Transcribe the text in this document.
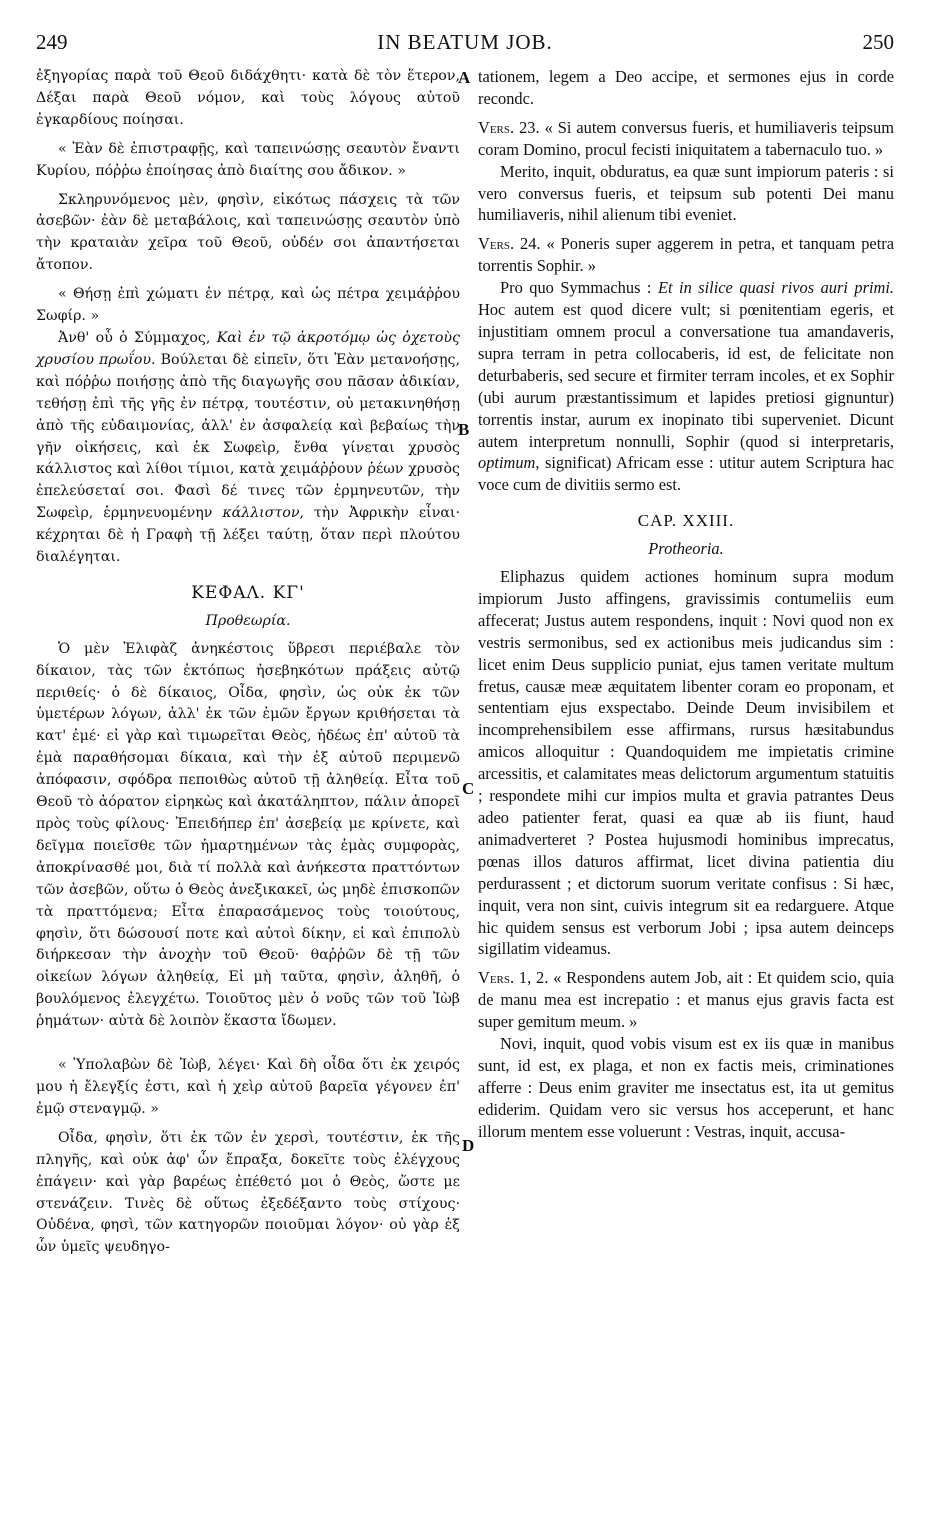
249	IN BEATUM JOB.	250
A
B
C
D

ἐξηγορίας παρὰ τοῦ Θεοῦ διδάχθητι· κατὰ δὲ τὸν ἕτερον, Δέξαι παρὰ Θεοῦ νόμον, καὶ τοὺς λόγους αὐτοῦ ἐγκαρδίους ποίησαι.

« Ἐὰν δὲ ἐπιστραφῇς, καὶ ταπεινώσῃς σεαυτὸν ἔναντι Κυρίου, πόῤῥω ἐποίησας ἀπὸ διαίτης σου ἄδικον. »

Σκληρυνόμενος μὲν, φησὶν, εἰκότως πάσχεις τὰ τῶν ἀσεβῶν· ἐὰν δὲ μεταβάλοις, καὶ ταπεινώσῃς σεαυτὸν ὑπὸ τὴν κραταιὰν χεῖρα τοῦ Θεοῦ, οὐδέν σοι ἀπαντήσεται ἄτοπον.

« Θήσῃ ἐπὶ χώματι ἐν πέτρᾳ, καὶ ὡς πέτρα χειμάῤῥου Σωφίρ. »

Ἀνθ' οὗ ὁ Σύμμαχος, Καὶ ἐν τῷ ἀκροτόμῳ ὡς ὀχετοὺς χρυσίου πρωΐου. Βούλεται δὲ εἰπεῖν, ὅτι Ἐὰν μετανοήσῃς, καὶ πόῤῥω ποιήσῃς ἀπὸ τῆς διαγωγῆς σου πᾶσαν ἀδικίαν, τεθήσῃ ἐπὶ τῆς γῆς ἐν πέτρᾳ, τουτέστιν, οὐ μετακινηθήσῃ ἀπὸ τῆς εὐδαιμονίας, ἀλλ' ἐν ἀσφαλείᾳ καὶ βεβαίως τὴν γῆν οἰκήσεις, καὶ ἐκ Σωφεὶρ, ἔνθα γίνεται χρυσὸς κάλλιστος καὶ λίθοι τίμιοι, κατὰ χειμάῤῥουν ῥέων χρυσὸς ἐπελεύσεταί σοι. Φασὶ δέ τινες τῶν ἑρμηνευτῶν, τὴν Σωφεὶρ, ἑρμηνευομένην κάλλιστον, τὴν Ἀφρικὴν εἶναι· κέχρηται δὲ ἡ Γραφὴ τῇ λέξει ταύτῃ, ὅταν περὶ πλούτου διαλέγηται.

ΚΕΦΑΛ. ΚΓ'
Προθεωρία.

Ὁ μὲν Ἐλιφὰζ ἀνηκέστοις ὕβρεσι περιέβαλε τὸν δίκαιον, τὰς τῶν ἐκτόπως ἠσεβηκότων πράξεις αὐτῷ περιθείς· ὁ δὲ δίκαιος, Οἶδα, φησὶν, ὡς οὐκ ἐκ τῶν ὑμετέρων λόγων, ἀλλ' ἐκ τῶν ἐμῶν ἔργων κριθήσεται τὰ κατ' ἐμέ· εἰ γὰρ καὶ τιμωρεῖται Θεὸς, ἡδέως ἐπ' αὐτοῦ τὰ ἐμὰ παραθήσομαι δίκαια, καὶ τὴν ἐξ αὐτοῦ περιμενῶ ἀπόφασιν, σφόδρα πεποιθὼς αὐτοῦ τῇ ἀληθείᾳ. Εἶτα τοῦ Θεοῦ τὸ ἀόρατον εἰρηκὼς καὶ ἀκατάληπτον, πάλιν ἀπορεῖ πρὸς τοὺς φίλους· Ἐπειδήπερ ἐπ' ἀσεβείᾳ με κρίνετε, καὶ δεῖγμα ποιεῖσθε τῶν ἡμαρτημένων τὰς ἐμὰς συμφορὰς, ἀποκρίνασθέ μοι, διὰ τί πολλὰ καὶ ἀνήκεστα πραττόντων τῶν ἀσεβῶν, οὕτω ὁ Θεὸς ἀνεξικακεῖ, ὡς μηδὲ ἐπισκοπῶν τὰ πραττόμενα; Εἶτα ἐπαρασάμενος τοὺς τοιούτους, φησὶν, ὅτι δώσουσί ποτε καὶ αὐτοὶ δίκην, εἰ καὶ ἐπιπολὺ διήρκεσαν τὴν ἀνοχὴν τοῦ Θεοῦ· θαῤῥῶν δὲ τῇ τῶν οἰκείων λόγων ἀληθείᾳ, Εἰ μὴ ταῦτα, φησὶν, ἀληθῆ, ὁ βουλόμενος ἐλεγχέτω. Τοιοῦτος μὲν ὁ νοῦς τῶν τοῦ Ἰὼβ ῥημάτων· αὐτὰ δὲ λοιπὸν ἕκαστα ἴδωμεν.

« Ὑπολαβὼν δὲ Ἰὼβ, λέγει· Καὶ δὴ οἶδα ὅτι ἐκ χειρός μου ἡ ἔλεγξίς ἐστι, καὶ ἡ χεὶρ αὐτοῦ βαρεῖα γέγονεν ἐπ' ἐμῷ στεναγμῷ. »

Οἶδα, φησὶν, ὅτι ἐκ τῶν ἐν χερσὶ, τουτέστιν, ἐκ τῆς πληγῆς, καὶ οὐκ ἀφ' ὧν ἔπραξα, δοκεῖτε τοὺς ἐλέγχους ἐπάγειν· καὶ γὰρ βαρέως ἐπέθετό μοι ὁ Θεὸς, ὥστε με στενάζειν. Τινὲς δὲ οὕτως ἐξεδέξαντο τοὺς στίχους· Οὐδένα, φησὶ, τῶν κατηγορῶν ποιοῦμαι λόγον· οὐ γὰρ ἐξ ὧν ὑμεῖς ψευδηγο-

tationem, legem a Deo accipe, et sermones ejus in corde recondc.

Vers. 23. « Si autem conversus fueris, et humiliaveris teipsum coram Domino, procul fecisti iniquitatem a tabernaculo tuo. »

Merito, inquit, obduratus, ea quæ sunt impiorum pateris : si vero conversus fueris, et teipsum sub potenti Dei manu humiliaveris, nihil alienum tibi eveniet.

Vers. 24. « Poneris super aggerem in petra, et tanquam petra torrentis Sophir. »

Pro quo Symmachus : Et in silice quasi rivos auri primi. Hoc autem est quod dicere vult; si pœnitentiam egeris, et injustitiam omnem procul a conversatione tua amandaveris, supra terram in petra collocaberis, id est, de felicitate non deturbaberis, sed secure et firmiter terram incoles, et ex Sophir (ubi aurum præstantissimum et lapides pretiosi gignuntur) torrentis instar, aurum ex inopinato tibi superveniet. Dicunt autem interpretum nonnulli, Sophir (quod si interpretaris, optimum, significat) Africam esse : utitur autem Scriptura hac voce cum de divitiis sermo est.

CAP. XXIII.
Protheoria.

Eliphazus quidem actiones hominum supra modum impiorum Justo affingens, gravissimis contumeliis eum affecerat; Justus autem respondens, inquit : Novi quod non ex vestris sermonibus, sed ex actionibus meis judicandus sim : licet enim Deus supplicio puniat, ejus tamen veritate multum fretus, causæ meæ æquitatem libenter coram eo proponam, et sententiam ejus exspectabo. Deinde Deum invisibilem et incomprehensibilem esse affirmans, rursus hæsitabundus amicos alloquitur : Quandoquidem me impietatis crimine arcessitis, et calamitates meas delictorum argumentum statuitis ; respondete mihi cur impios multa et gravia patrantes Deus adeo patienter ferat, quasi ea quæ ab iis fiunt, haud animadverteret ? Postea hujusmodi hominibus imprecatus, pœnas illos daturos affirmat, licet divina patientia diu perdurassent ; et dictorum suorum veritate confisus : Si hæc, inquit, vera non sint, cuivis integrum sit ea redarguere. Atque hic quidem sensus est verborum Jobi ; ipsa autem deinceps sigillatim videamus.

Vers. 1, 2. « Respondens autem Job, ait : Et quidem scio, quia de manu mea est increpatio : et manus ejus gravis facta est super gemitum meum. »

Novi, inquit, quod vobis visum est ex iis quæ in manibus sunt, id est, ex plaga, et non ex factis meis, criminationes afferre : Deus enim graviter me insectatus est, ita ut gemitus ediderim. Quidam vero sic versus hos acceperunt, et hanc illorum mentem esse voluerunt : Vestras, inquit, accusa-
